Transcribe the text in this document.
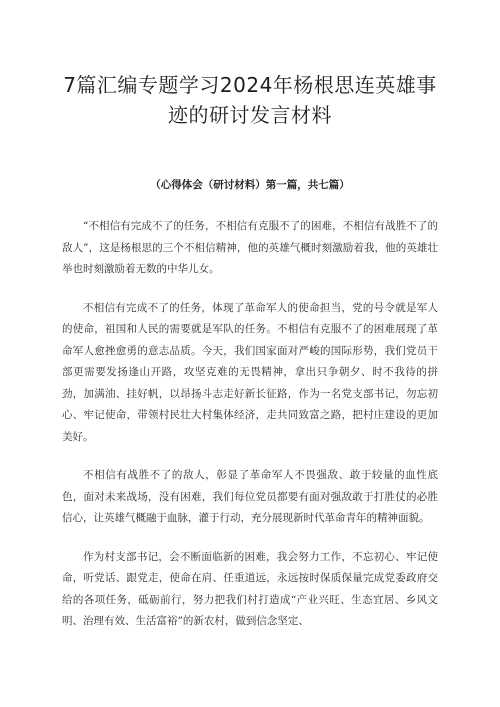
7篇汇编专题学习2024年杨根思连英雄事
迹的研讨发言材料
（心得体会（研讨材料）第一篇，共七篇）

“不相信有完成不了的任务，不相信有克服不了的困难，不相信有战胜不了的敌人”，这是杨根思的三个不相信精神，他的英雄气概时刻激励着我，他的英雄壮举也时刻激励着无数的中华儿女。

不相信有完成不了的任务，体现了革命军人的使命担当，党的号令就是军人的使命，祖国和人民的需要就是军队的任务。不相信有克服不了的困难展现了革命军人愈挫愈勇的意志品质。今天，我们国家面对严峻的国际形势，我们党员干部更需要发扬逢山开路，攻坚克难的无畏精神，拿出只争朝夕、时不我待的拼劲，加满油、挂好帆，以昂扬斗志走好新长征路，作为一名党支部书记，勿忘初心、牢记使命，带领村民壮大村集体经济，走共同致富之路，把村庄建设的更加美好。

不相信有战胜不了的敌人，彰显了革命军人不畏强敌、敢于较量的血性底色，面对未来战场，没有困难，我们每位党员都要有面对强敌敢于打胜仗的必胜信心，让英雄气概融于血脉，灌于行动，充分展现新时代革命青年的精神面貌。

作为村支部书记，会不断面临新的困难，我会努力工作，不忘初心、牢记使命，听党话、跟党走，使命在肩、任重道远，永远按时保质保量完成党委政府交给的各项任务，砥砺前行，努力把我们村打造成“产业兴旺、生态宜居、乡风文明、治理有效、生活富裕”的新农村，做到信念坚定、
